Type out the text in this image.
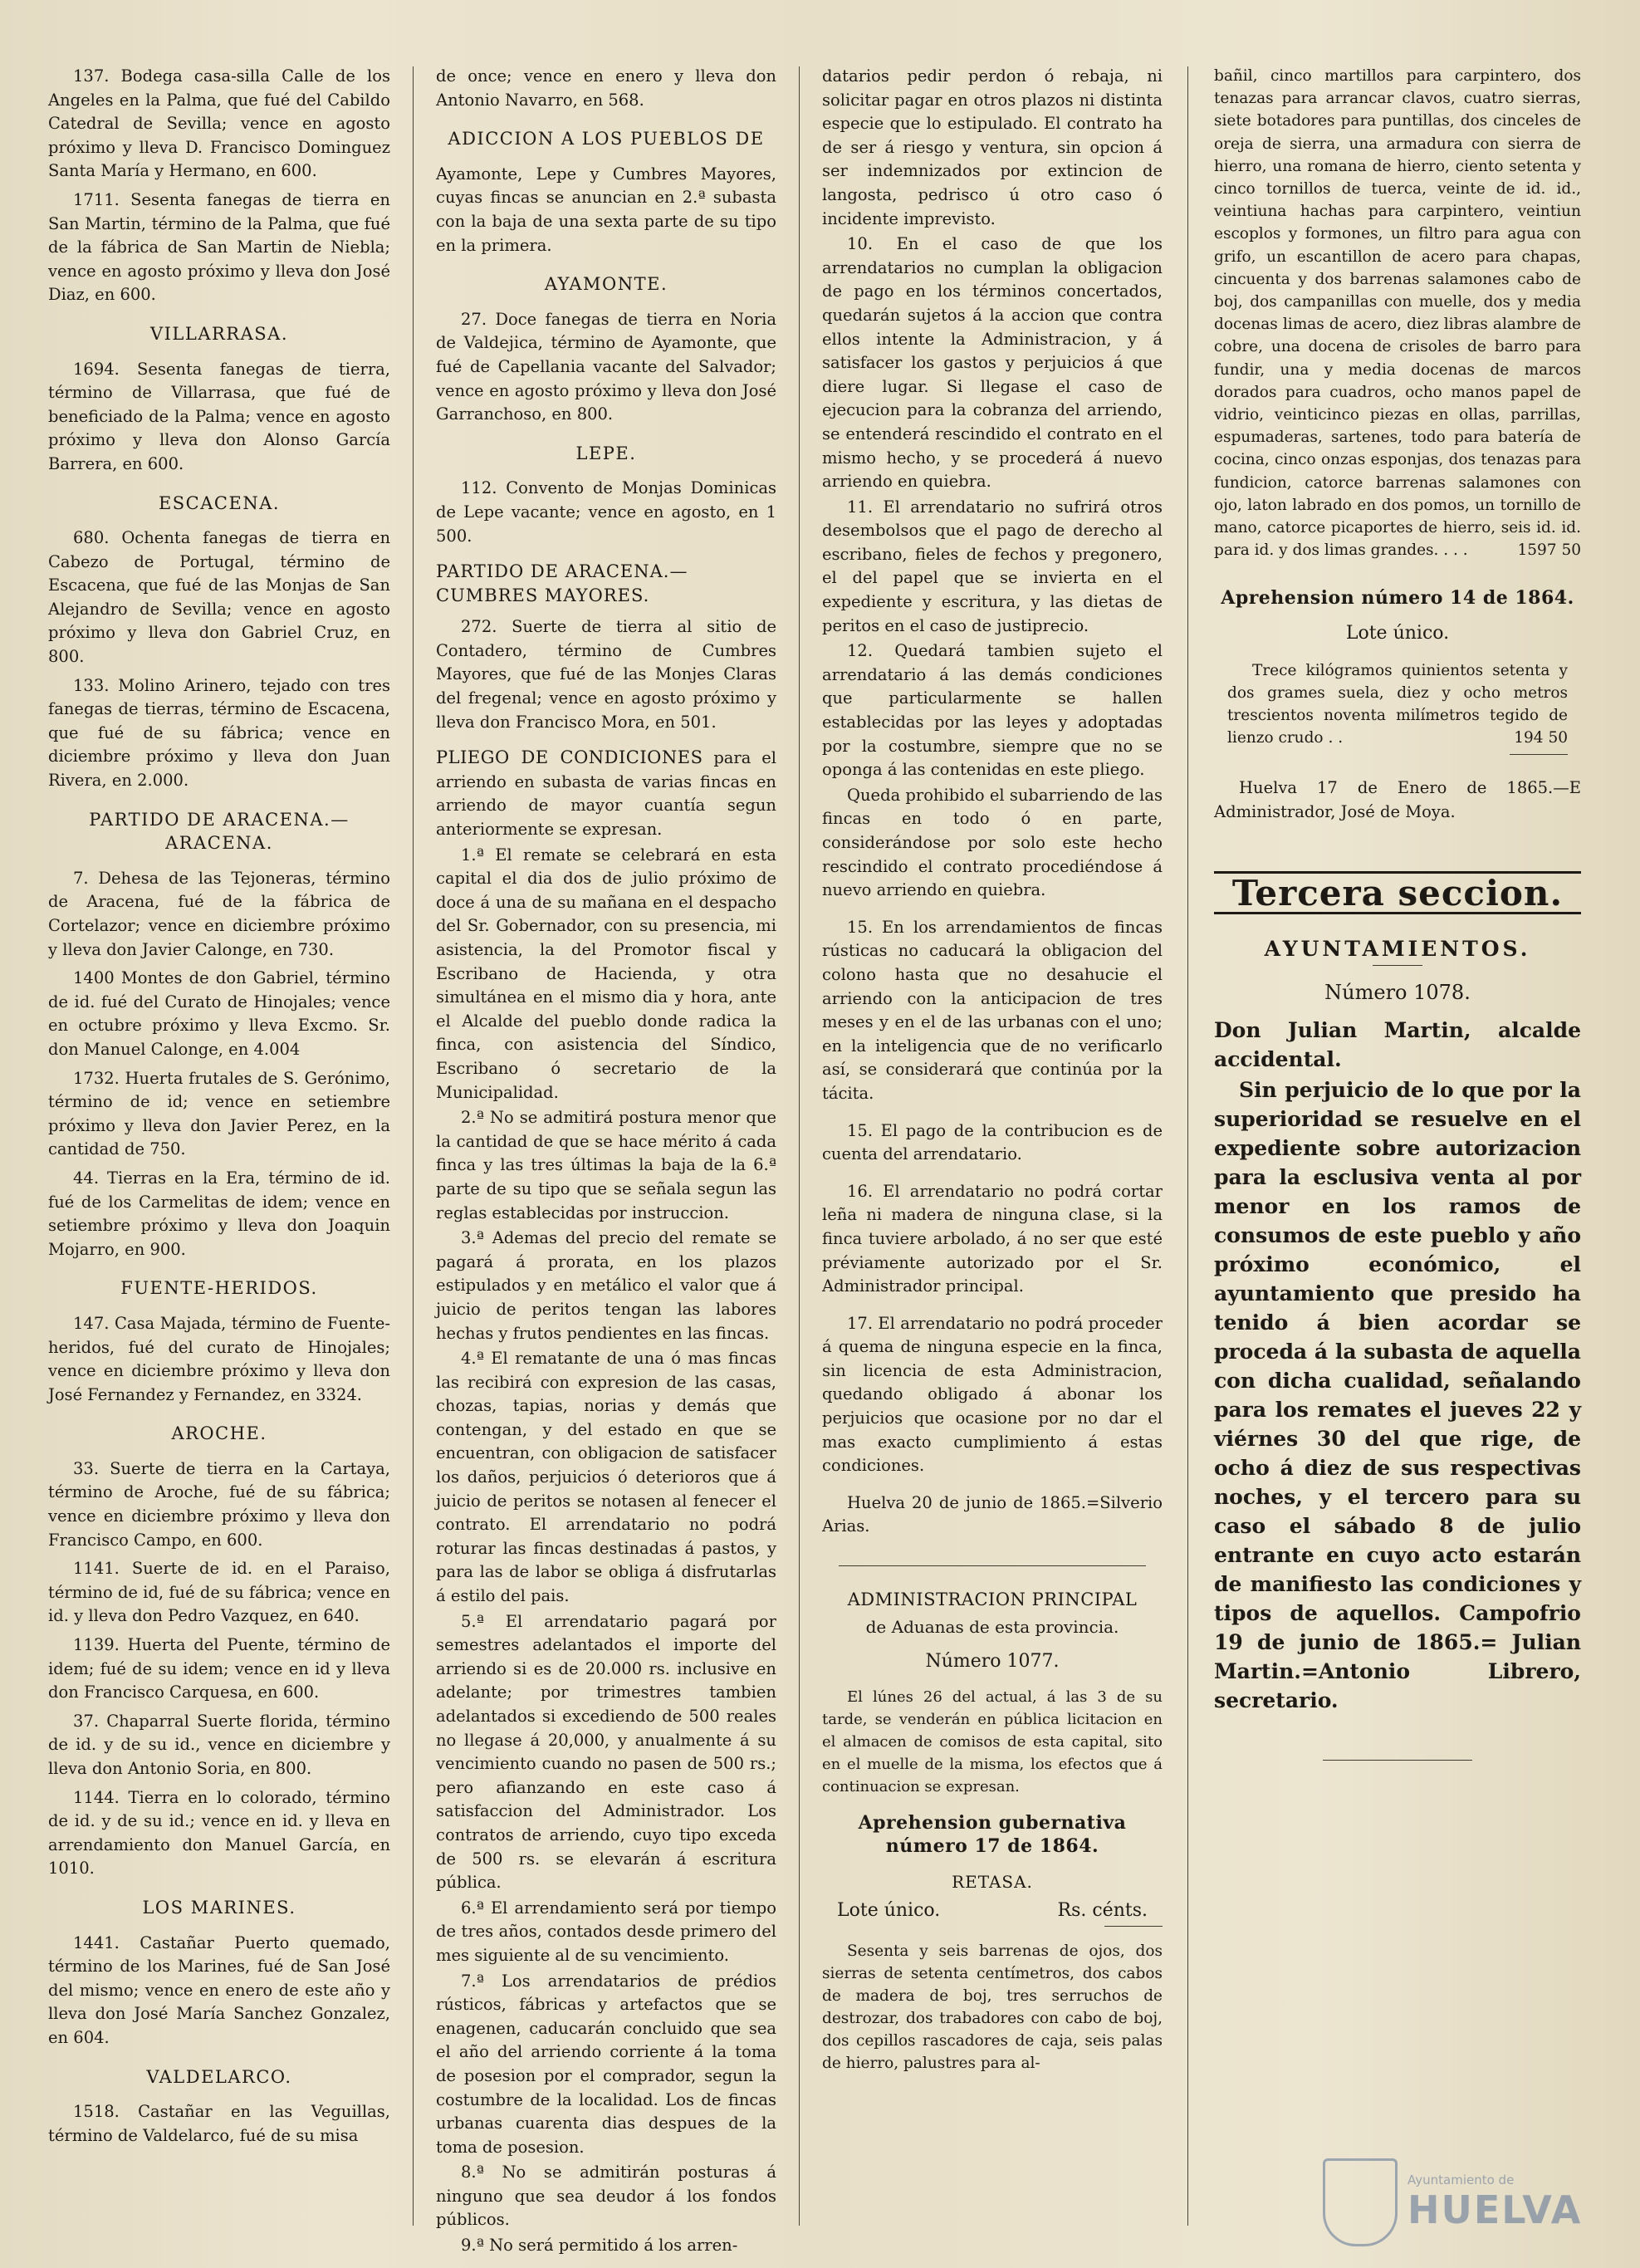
137. Bodega casa-silla Calle de los Angeles en la Palma, que fué del Cabildo Catedral de Sevilla; vence en agosto próximo y lleva D. Francisco Dominguez Santa María y Hermano, en 600.

1711. Sesenta fanegas de tierra en San Martin, término de la Palma, que fué de la fábrica de San Martin de Niebla; vence en agosto próximo y lleva don José Diaz, en 600.

VILLARRASA.

1694. Sesenta fanegas de tierra, término de Villarrasa, que fué de beneficiado de la Palma; vence en agosto próximo y lleva don Alonso García Barrera, en 600.

ESCACENA.

680. Ochenta fanegas de tierra en Cabezo de Portugal, término de Escacena, que fué de las Monjas de San Alejandro de Sevilla; vence en agosto próximo y lleva don Gabriel Cruz, en 800.

133. Molino Arinero, tejado con tres fanegas de tierras, término de Escacena, que fué de su fábrica; vence en diciembre próximo y lleva don Juan Rivera, en 2.000.

PARTIDO DE ARACENA.—ARACENA.

7. Dehesa de las Tejoneras, término de Aracena, fué de la fábrica de Cortelazor; vence en diciembre próximo y lleva don Javier Calonge, en 730.

1400 Montes de don Gabriel, término de id. fué del Curato de Hinojales; vence en octubre próximo y lleva Excmo. Sr. don Manuel Calonge, en 4.004

1732. Huerta frutales de S. Gerónimo, término de id; vence en setiembre próximo y lleva don Javier Perez, en la cantidad de 750.

44. Tierras en la Era, término de id. fué de los Carmelitas de idem; vence en setiembre próximo y lleva don Joaquin Mojarro, en 900.

FUENTE-HERIDOS.

147. Casa Majada, término de Fuente-heridos, fué del curato de Hinojales; vence en diciembre próximo y lleva don José Fernandez y Fernandez, en 3324.

AROCHE.

33. Suerte de tierra en la Cartaya, término de Aroche, fué de su fábrica; vence en diciembre próximo y lleva don Francisco Campo, en 600.

1141. Suerte de id. en el Paraiso, término de id, fué de su fábrica; vence en id. y lleva don Pedro Vazquez, en 640.

1139. Huerta del Puente, término de idem; fué de su idem; vence en id y lleva don Francisco Carquesa, en 600.

37. Chaparral Suerte florida, término de id. y de su id., vence en diciembre y lleva don Antonio Soria, en 800.

1144. Tierra en lo colorado, término de id. y de su id.; vence en id. y lleva en arrendamiento don Manuel García, en 1010.

LOS MARINES.

1441. Castañar Puerto quemado, término de los Marines, fué de San José del mismo; vence en enero de este año y lleva don José María Sanchez Gonzalez, en 604.

VALDELARCO.

1518. Castañar en las Veguillas, término de Valdelarco, fué de su misa

de once; vence en enero y lleva don Antonio Navarro, en 568.

ADICCION A LOS PUEBLOS DE

Ayamonte, Lepe y Cumbres Mayores, cuyas fincas se anuncian en 2.ª subasta con la baja de una sexta parte de su tipo en la primera.

AYAMONTE.

27. Doce fanegas de tierra en Noria de Valdejica, término de Ayamonte, que fué de Capellania vacante del Salvador; vence en agosto próximo y lleva don José Garranchoso, en 800.

LEPE.

112. Convento de Monjas Dominicas de Lepe vacante; vence en agosto, en 1 500.

PARTIDO DE ARACENA.—CUMBRES MAYORES.

272. Suerte de tierra al sitio de Contadero, término de Cumbres Mayores, que fué de las Monjes Claras del fregenal; vence en agosto próximo y lleva don Francisco Mora, en 501.

PLIEGO DE CONDICIONES para el arriendo en subasta de varias fincas en arriendo de mayor cuantía segun anteriormente se expresan.

1.ª El remate se celebrará en esta capital el dia dos de julio próximo de doce á una de su mañana en el despacho del Sr. Gobernador, con su presencia, mi asistencia, la del Promotor fiscal y Escribano de Hacienda, y otra simultánea en el mismo dia y hora, ante el Alcalde del pueblo donde radica la finca, con asistencia del Síndico, Escribano ó secretario de la Municipalidad.

2.ª No se admitirá postura menor que la cantidad de que se hace mérito á cada finca y las tres últimas la baja de la 6.ª parte de su tipo que se señala segun las reglas establecidas por instruccion.

3.ª Ademas del precio del remate se pagará á prorata, en los plazos estipulados y en metálico el valor que á juicio de peritos tengan las labores hechas y frutos pendientes en las fincas.

4.ª El rematante de una ó mas fincas las recibirá con expresion de las casas, chozas, tapias, norias y demás que contengan, y del estado en que se encuentran, con obligacion de satisfacer los daños, perjuicios ó deterioros que á juicio de peritos se notasen al fenecer el contrato. El arrendatario no podrá roturar las fincas destinadas á pastos, y para las de labor se obliga á disfrutarlas á estilo del pais.

5.ª El arrendatario pagará por semestres adelantados el importe del arriendo si es de 20.000 rs. inclusive en adelante; por trimestres tambien adelantados si excediendo de 500 reales no llegase á 20,000, y anualmente á su vencimiento cuando no pasen de 500 rs.; pero afianzando en este caso á satisfaccion del Administrador. Los contratos de arriendo, cuyo tipo exceda de 500 rs. se elevarán á escritura pública.

6.ª El arrendamiento será por tiempo de tres años, contados desde primero del mes siguiente al de su vencimiento.

7.ª Los arrendatarios de prédios rústicos, fábricas y artefactos que se enagenen, caducarán concluido que sea el año del arriendo corriente á la toma de posesion por el comprador, segun la costumbre de la localidad. Los de fincas urbanas cuarenta dias despues de la toma de posesion.

8.ª No se admitirán posturas á ninguno que sea deudor á los fondos públicos.

9.ª No será permitido á los arren-

datarios pedir perdon ó rebaja, ni solicitar pagar en otros plazos ni distinta especie que lo estipulado. El contrato ha de ser á riesgo y ventura, sin opcion á ser indemnizados por extincion de langosta, pedrisco ú otro caso ó incidente imprevisto.

10. En el caso de que los arrendatarios no cumplan la obligacion de pago en los términos concertados, quedarán sujetos á la accion que contra ellos intente la Administracion, y á satisfacer los gastos y perjuicios á que diere lugar. Si llegase el caso de ejecucion para la cobranza del arriendo, se entenderá rescindido el contrato en el mismo hecho, y se procederá á nuevo arriendo en quiebra.

11. El arrendatario no sufrirá otros desembolsos que el pago de derecho al escribano, fieles de fechos y pregonero, el del papel que se invierta en el expediente y escritura, y las dietas de peritos en el caso de justiprecio.

12. Quedará tambien sujeto el arrendatario á las demás condiciones que particularmente se hallen establecidas por las leyes y adoptadas por la costumbre, siempre que no se oponga á las contenidas en este pliego.

Queda prohibido el subarriendo de las fincas en todo ó en parte, considerándose por solo este hecho rescindido el contrato procediéndose á nuevo arriendo en quiebra.

15. En los arrendamientos de fincas rústicas no caducará la obligacion del colono hasta que no desahucie el arriendo con la anticipacion de tres meses y en el de las urbanas con el uno; en la inteligencia que de no verificarlo así, se considerará que continúa por la tácita.

15. El pago de la contribucion es de cuenta del arrendatario.

16. El arrendatario no podrá cortar leña ni madera de ninguna clase, si la finca tuviere arbolado, á no ser que esté préviamente autorizado por el Sr. Administrador principal.

17. El arrendatario no podrá proceder á quema de ninguna especie en la finca, sin licencia de esta Administracion, quedando obligado á abonar los perjuicios que ocasione por no dar el mas exacto cumplimiento á estas condiciones.

Huelva 20 de junio de 1865.=Silverio Arias.

ADMINISTRACION PRINCIPAL
de Aduanas de esta provincia.
Número 1077.

El lúnes 26 del actual, á las 3 de su tarde, se venderán en pública licitacion en el almacen de comisos de esta capital, sito en el muelle de la misma, los efectos que á continuacion se expresan.

Aprehension gubernativa número 17 de 1864.
RETASA.
Lote único.	Rs. cénts.

Sesenta y seis barrenas de ojos, dos sierras de setenta centímetros, dos cabos de madera de boj, tres serruchos de destrozar, dos trabadores con cabo de boj, dos cepillos rascadores de caja, seis palas de hierro, palustres para al-

bañil, cinco martillos para carpintero, dos tenazas para arrancar clavos, cuatro sierras, siete botadores para puntillas, dos cinceles de oreja de sierra, una armadura con sierra de hierro, una romana de hierro, ciento setenta y cinco tornillos de tuerca, veinte de id. id., veintiuna hachas para carpintero, veintiun escoplos y formones, un filtro para agua con grifo, un escantillon de acero para chapas, cincuenta y dos barrenas salamones cabo de boj, dos campanillas con muelle, dos y media docenas limas de acero, diez libras alambre de cobre, una docena de crisoles de barro para fundir, una y media docenas de marcos dorados para cuadros, ocho manos papel de vidrio, veinticinco piezas en ollas, parrillas, espumaderas, sartenes, todo para batería de cocina, cinco onzas esponjas, dos tenazas para fundicion, catorce barrenas salamones con ojo, laton labrado en dos pomos, un tornillo de mano, catorce picaportes de hierro, seis id. id. para id. y dos limas grandes. . . .	1597 50

Aprehension número 14 de 1864.
Lote único.

Trece kilógramos quinientos setenta y dos grames suela, diez y ocho metros trescientos noventa milímetros tegido de lienzo crudo . .	194 50

Huelva 17 de Enero de 1865.—E Administrador, José de Moya.

Tercera seccion.
AYUNTAMIENTOS.
Número 1078.

Don Julian Martin, alcalde accidental.

Sin perjuicio de lo que por la superioridad se resuelve en el expediente sobre autorizacion para la esclusiva venta al por menor en los ramos de consumos de este pueblo y año próximo económico, el ayuntamiento que presido ha tenido á bien acordar se proceda á la subasta de aquella con dicha cualidad, señalando para los remates el jueves 22 y viérnes 30 del que rige, de ocho á diez de sus respectivas noches, y el tercero para su caso el sábado 8 de julio entrante en cuyo acto estarán de manifiesto las condiciones y tipos de aquellos. Campofrio 19 de junio de 1865.= Julian Martin.=Antonio Librero, secretario.

Ayuntamiento de
HUELVA
